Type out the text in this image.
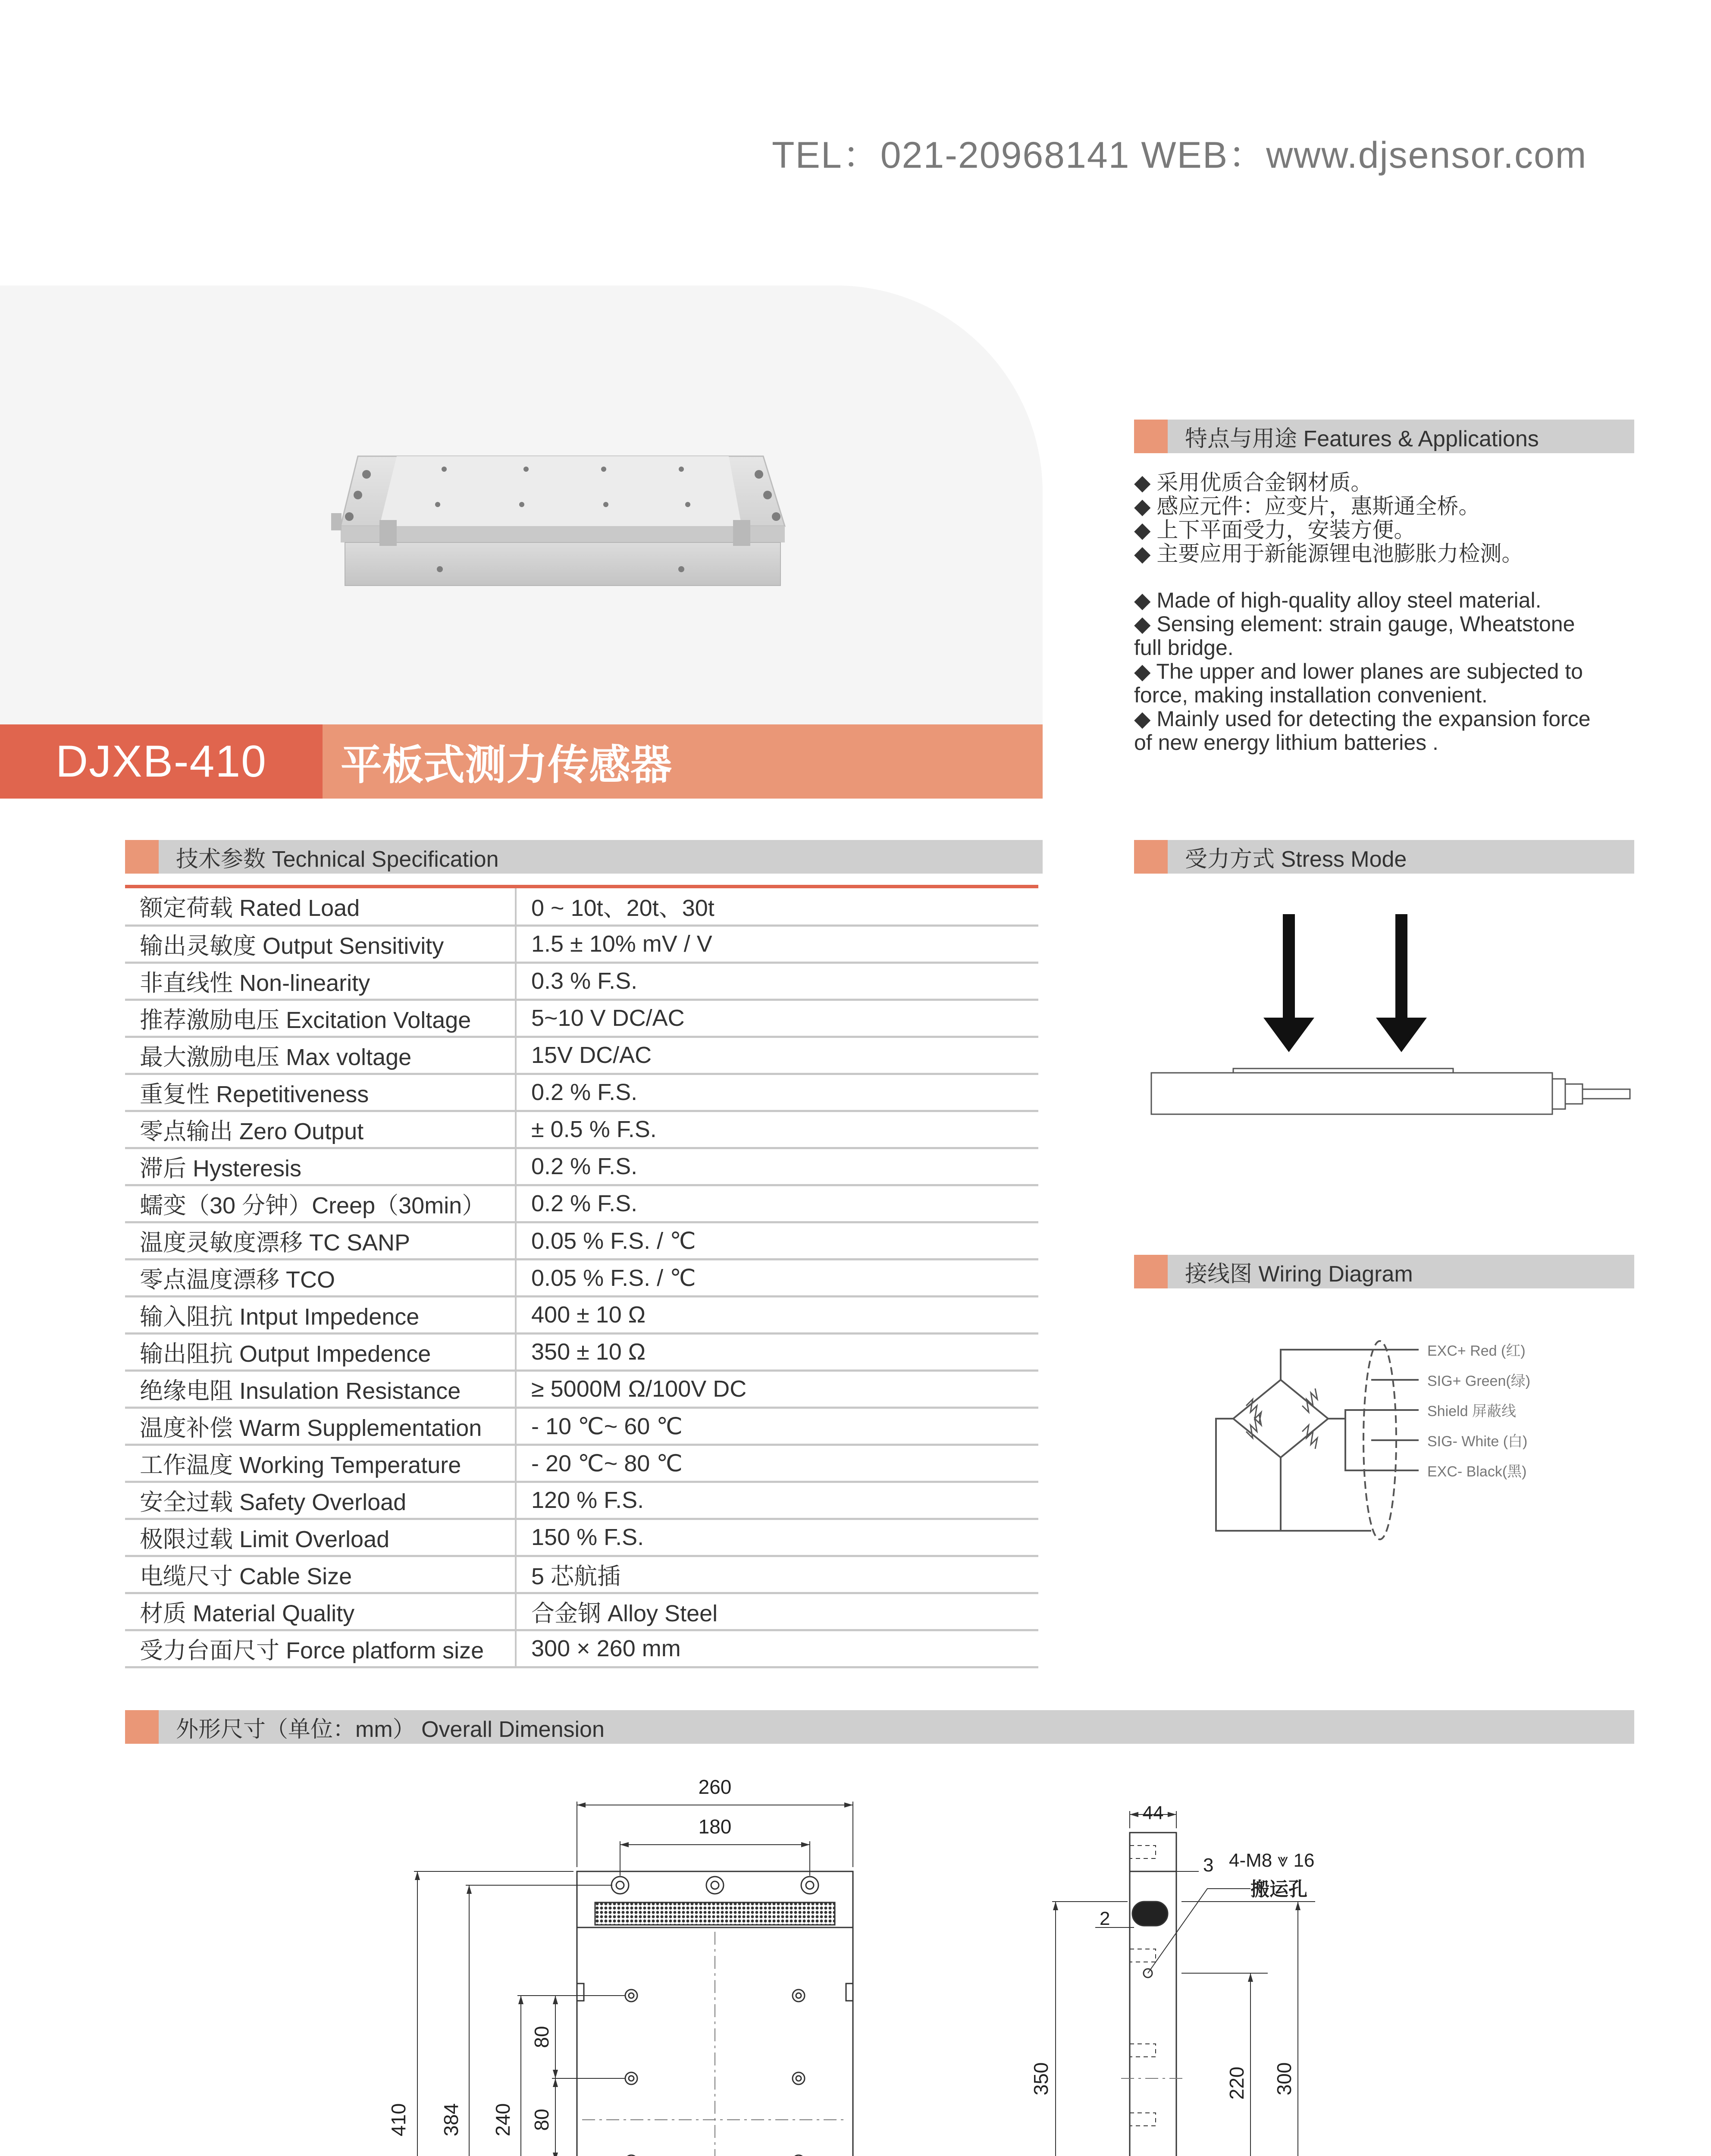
TEL：021-20968141 WEB：www.djsensor.com
DJXB-410	平板式测力传感器
特点与用途 Features & Applications
◆ 采用优质合金钢材质。
◆ 感应元件：应变片，惠斯通全桥。
◆ 上下平面受力，安装方便。
◆ 主要应用于新能源锂电池膨胀力检测。
◆ Made of high-quality alloy steel material.
◆ Sensing element: strain gauge, Wheatstone
full bridge.
◆ The upper and lower planes are subjected to
force, making installation convenient.
◆ Mainly used for detecting the expansion force
of new energy lithium batteries .
技术参数 Technical Specification
额定荷载 Rated Load	0 ~ 10t、20t、30t
输出灵敏度 Output Sensitivity	1.5 ± 10% mV / V
非直线性 Non-linearity	0.3 % F.S.
推荐激励电压 Excitation Voltage	5~10 V DC/AC
最大激励电压 Max voltage	15V DC/AC
重复性 Repetitiveness	0.2 % F.S.
零点输出 Zero Output	± 0.5 % F.S.
滞后 Hysteresis	0.2 % F.S.
蠕变（30 分钟）Creep（30min）	0.2 % F.S.
温度灵敏度漂移 TC SANP	0.05 % F.S. / ℃
零点温度漂移 TCO	0.05 % F.S. / ℃
输入阻抗 Intput Impedence	400 ± 10 Ω
输出阻抗 Output Impedence	350 ± 10 Ω
绝缘电阻 Insulation Resistance	≥ 5000M Ω/100V DC
温度补偿 Warm Supplementation	- 10 ℃~ 60 ℃
工作温度 Working Temperature	- 20 ℃~ 80 ℃
安全过载 Safety Overload	120 % F.S.
极限过载 Limit Overload	150 % F.S.
电缆尺寸 Cable Size	5 芯航插
材质 Material Quality	合金钢 Alloy Steel
受力台面尺寸 Force platform size	300 × 260 mm
受力方式 Stress Mode
接线图 Wiring Diagram
EXC+ Red (红)
SIG+ Green(绿)
Shield 屏蔽线
SIG- White (白)
EXC- Black(黑)
外形尺寸（单位：mm） Overall Dimension
260
180
410 384 240
80
80
44
3
2
350	220 300
4-M8 ⩔ 16
搬运孔
